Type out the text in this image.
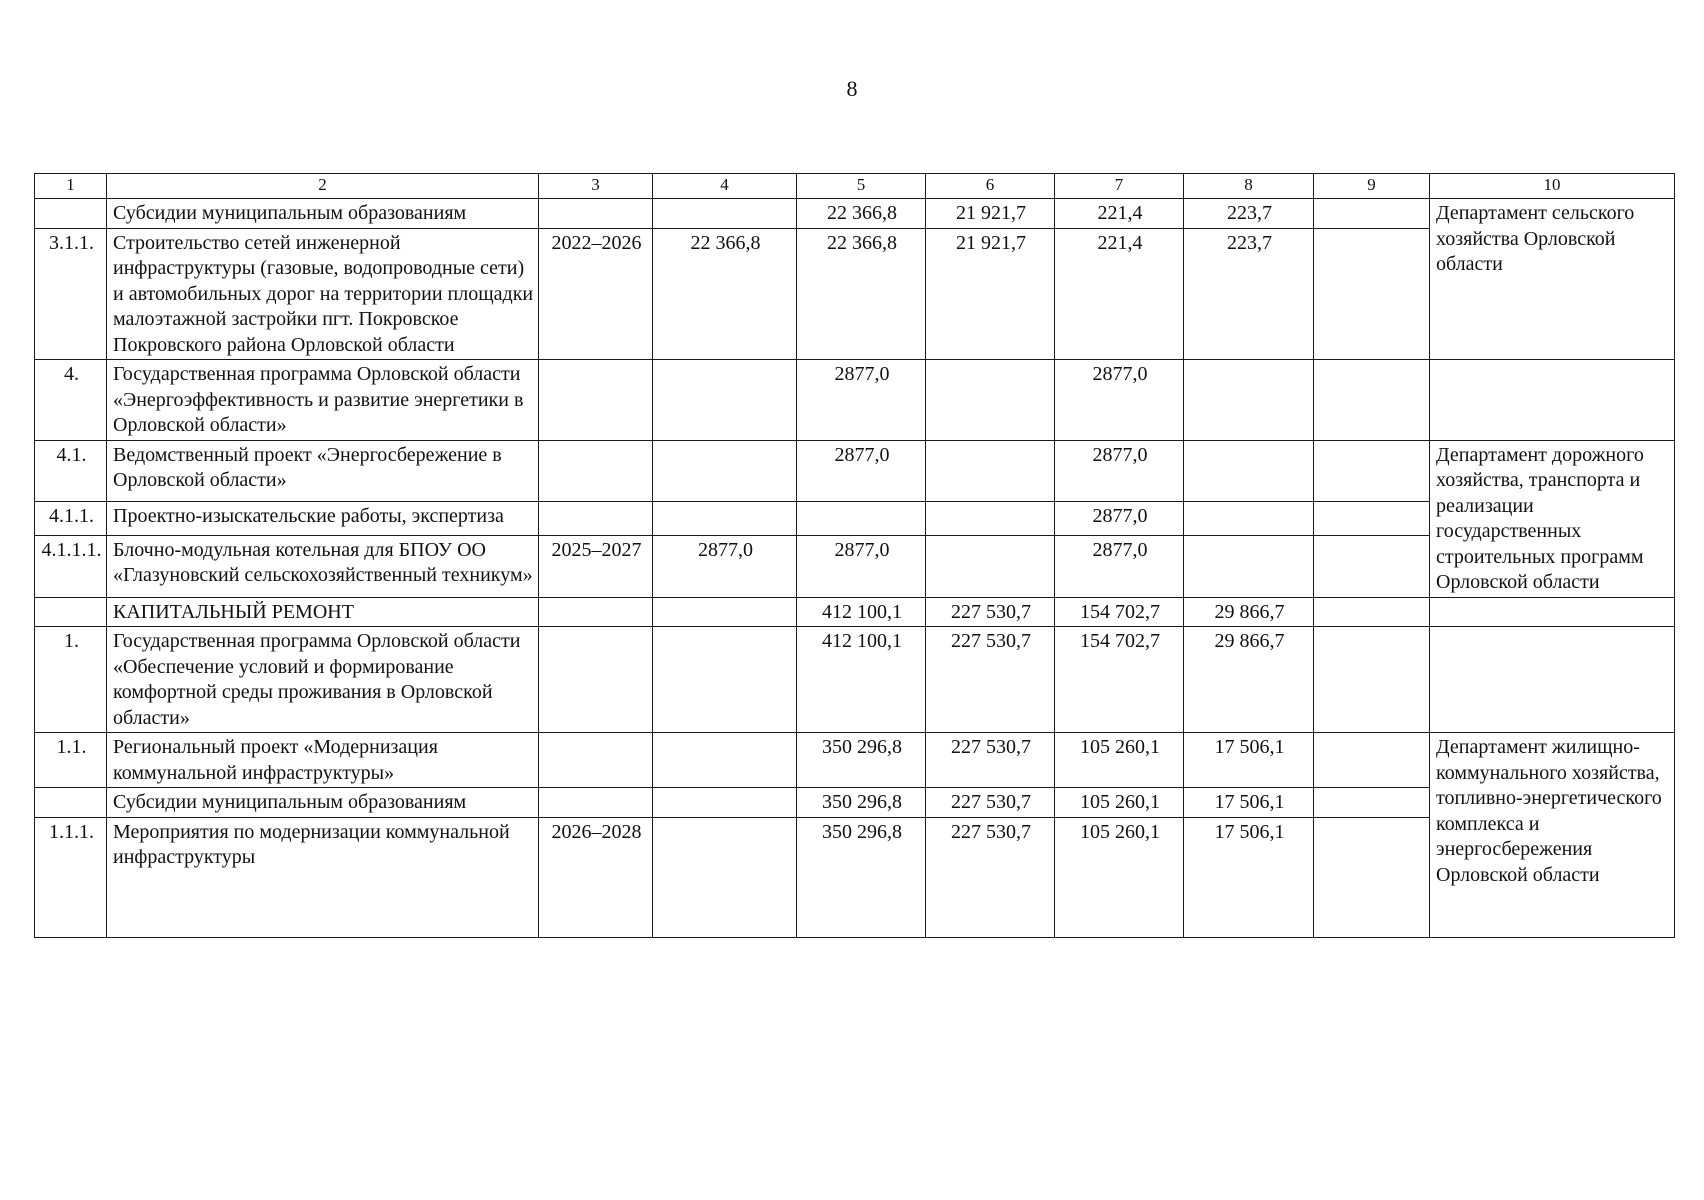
8
1	2	3	4	5	6	7	8	9	10
	Субсидии муниципальным образованиям			22 366,8	21 921,7	221,4	223,7		Департамент сельского хозяйства Орловской области
3.1.1.	Строительство сетей инженерной инфраструктуры (газовые, водопроводные сети) и автомобильных дорог на территории площадки малоэтажной застройки пгт. Покровское Покровского района Орловской области	2022–2026	22 366,8	22 366,8	21 921,7	221,4	223,7		
4.	Государственная программа Орловской области «Энергоэффективность и развитие энергетики в Орловской области»			2877,0		2877,0			
4.1.	Ведомственный проект «Энергосбережение в Орловской области»			2877,0		2877,0			Департамент дорожного хозяйства, транспорта и реализации государственных строительных программ Орловской области
4.1.1.	Проектно-изыскательские работы, экспертиза					2877,0			
4.1.1.1.	Блочно-модульная котельная для БПОУ ОО «Глазуновский сельскохозяйственный техникум»	2025–2027	2877,0	2877,0		2877,0			
	КАПИТАЛЬНЫЙ РЕМОНТ			412 100,1	227 530,7	154 702,7	29 866,7		
1.	Государственная программа Орловской области «Обеспечение условий и формирование комфортной среды проживания в Орловской области»			412 100,1	227 530,7	154 702,7	29 866,7		
1.1.	Региональный проект «Модернизация коммунальной инфраструктуры»			350 296,8	227 530,7	105 260,1	17 506,1		Департамент жилищно-коммунального хозяйства, топливно-энергетического комплекса и энергосбережения Орловской области
	Субсидии муниципальным образованиям			350 296,8	227 530,7	105 260,1	17 506,1		
1.1.1.	Мероприятия по модернизации коммунальной инфраструктуры	2026–2028		350 296,8	227 530,7	105 260,1	17 506,1		
